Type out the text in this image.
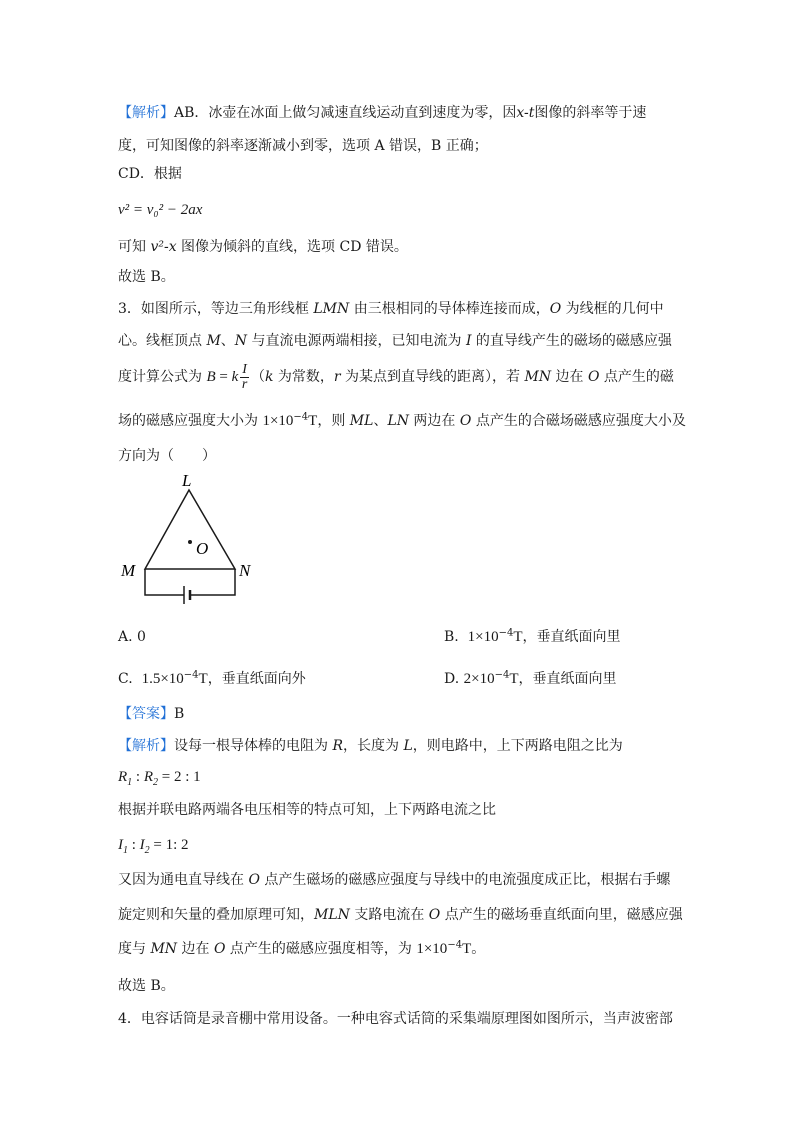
【解析】AB．冰壶在冰面上做匀减速直线运动直到速度为零，因x-t图像的斜率等于速
度，可知图像的斜率逐渐减小到零，选项 A 错误，B 正确；
CD．根据
v² = v₀² − 2ax
可知 v²-x 图像为倾斜的直线，选项 CD 错误。
故选 B。
3．如图所示，等边三角形线框 LMN 由三根相同的导体棒连接而成，O 为线框的几何中
心。线框顶点 M、N 与直流电源两端相接，已知电流为 I 的直导线产生的磁场的磁感应强
度计算公式为 B = k $\frac{I}{r} (k$ 为常数，r 为某点到直导线的距离），若 MN 边在 O 点产生的磁
场的磁感应强度大小为 $1\times 10^{-4}T$，则 ML、LN 两边在 O 点产生的合磁场磁感应强度大小及
方向为（　　）
L
O
M	N
A. 0	B. $1\times 10^{-4}T$，垂直纸面向里
C. $1.5\times 10^{-4}T$，垂直纸面向外	D. $2\times 10^{-4}T$，垂直纸面向里
【答案】B
【解析】设每一根导体棒的电阻为 R，长度为 L，则电路中，上下两路电阻之比为
$R_1$ : $R_2 = 2$ : 1
根据并联电路两端各电压相等的特点可知，上下两路电流之比
$I_1$ : $I_2 = 1$: 2
又因为通电直导线在 O 点产生磁场的磁感应强度与导线中的电流强度成正比，根据右手螺
旋定则和矢量的叠加原理可知，MLN 支路电流在 O 点产生的磁场垂直纸面向里，磁感应强
度与 MN 边在 O 点产生的磁感应强度相等，为 $1\times 10^{-4}T$。
故选 B。
4．电容话筒是录音棚中常用设备。一种电容式话筒的采集端原理图如图所示，当声波密部
